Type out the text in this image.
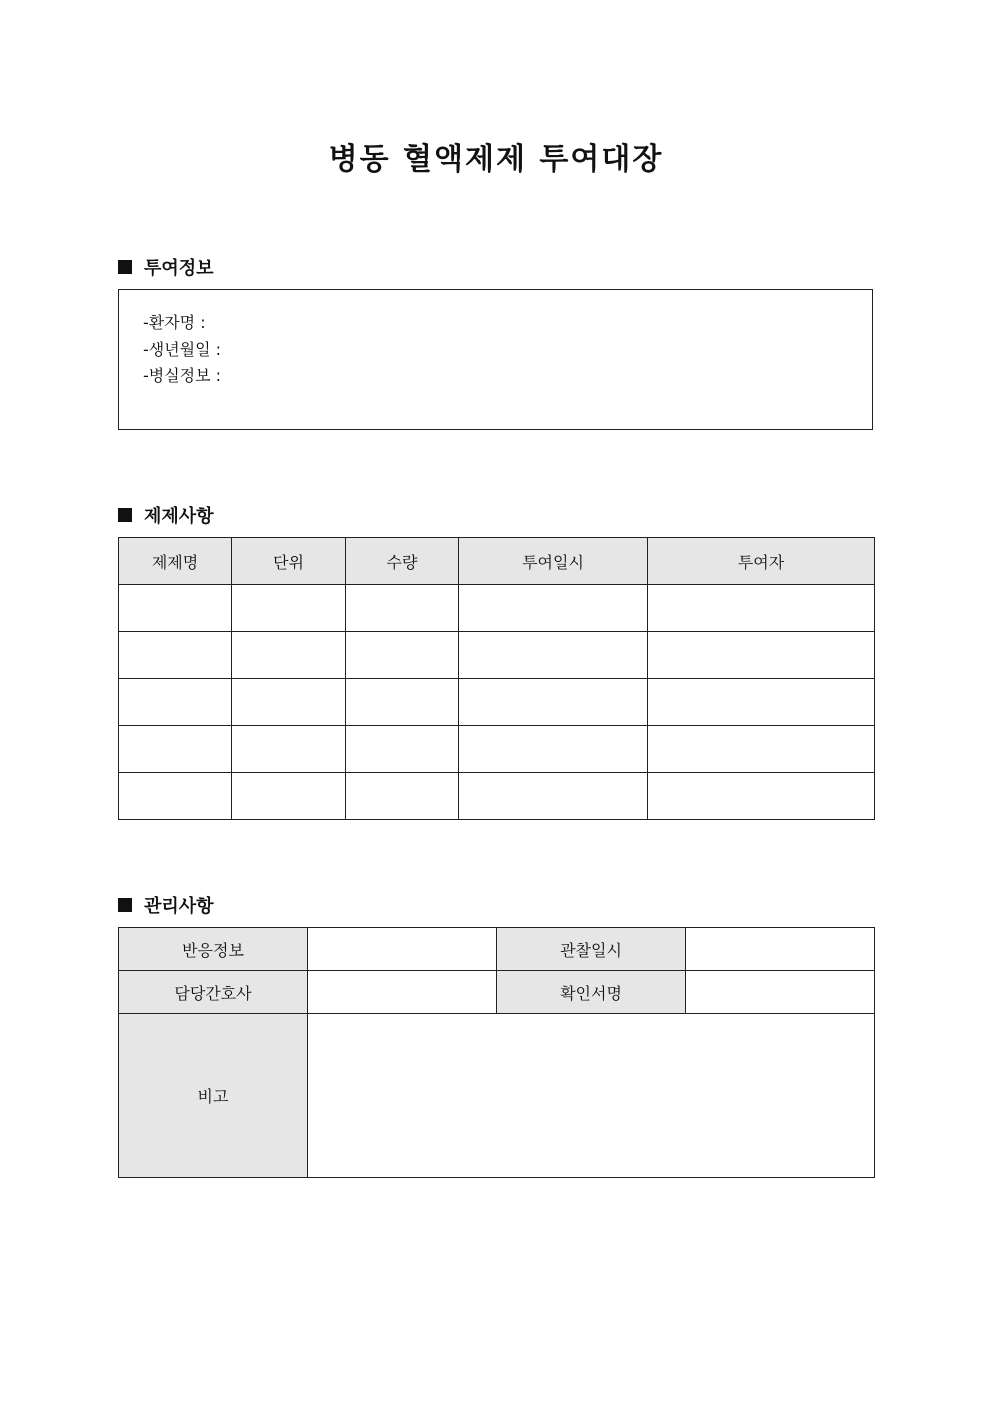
병동 혈액제제 투여대장
투여정보
-환자명 :
-생년월일 :
-병실정보 :
제제사항
제제명	단위	수량	투여일시	투여자

관리사항
반응정보		관찰일시	
담당간호사		확인서명	
비고			
